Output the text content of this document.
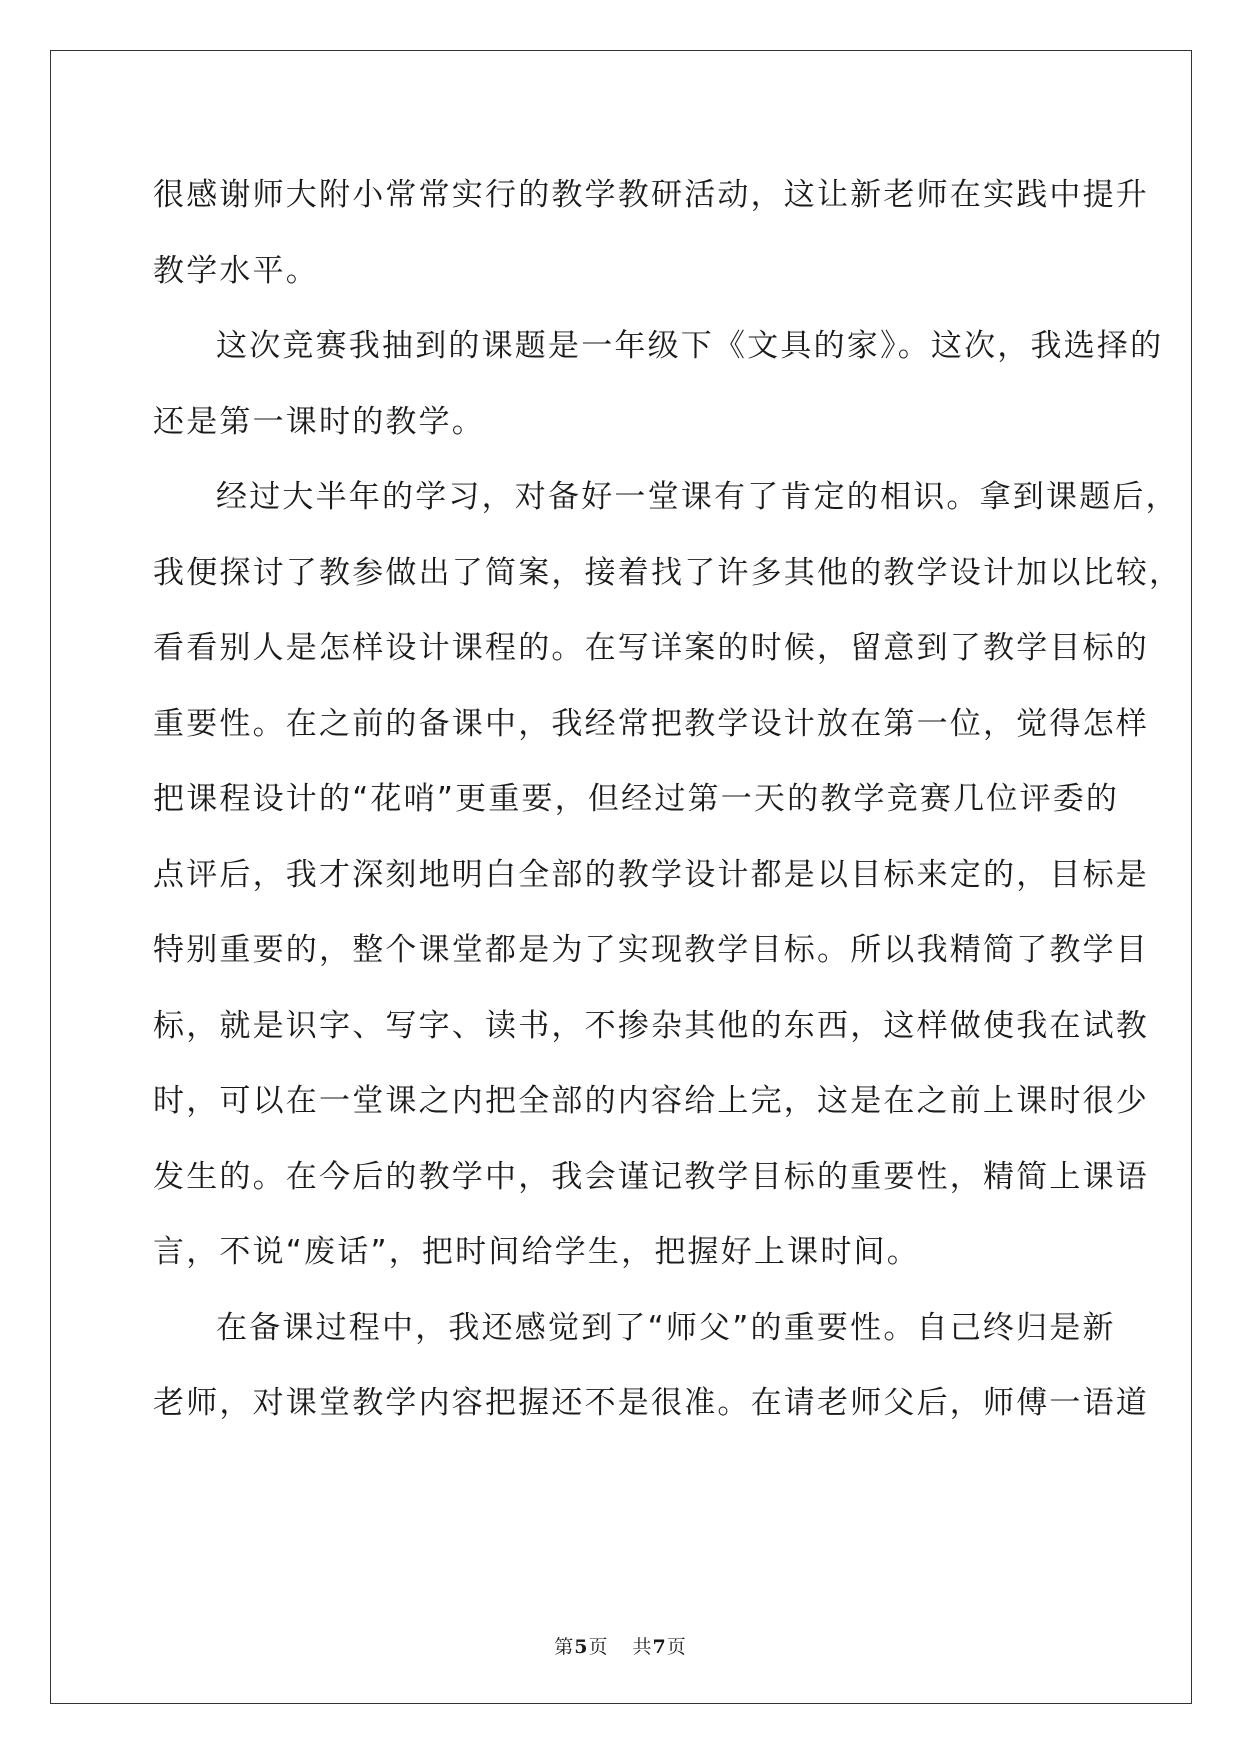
很感谢师大附小常常实行的教学教研活动，这让新老师在实践中提升
教学水平。
这次竞赛我抽到的课题是一年级下《文具的家》。这次，我选择的
还是第一课时的教学。
经过大半年的学习，对备好一堂课有了肯定的相识。拿到课题后，
我便探讨了教参做出了简案，接着找了许多其他的教学设计加以比较，
看看别人是怎样设计课程的。在写详案的时候，留意到了教学目标的
重要性。在之前的备课中，我经常把教学设计放在第一位，觉得怎样
把课程设计的“花哨”更重要，但经过第一天的教学竞赛几位评委的
点评后，我才深刻地明白全部的教学设计都是以目标来定的，目标是
特别重要的，整个课堂都是为了实现教学目标。所以我精简了教学目
标，就是识字、写字、读书，不掺杂其他的东西，这样做使我在试教
时，可以在一堂课之内把全部的内容给上完，这是在之前上课时很少
发生的。在今后的教学中，我会谨记教学目标的重要性，精简上课语
言，不说“废话”，把时间给学生，把握好上课时间。
在备课过程中，我还感觉到了“师父”的重要性。自己终归是新
老师，对课堂教学内容把握还不是很准。在请老师父后，师傅一语道
第5页 共7页
